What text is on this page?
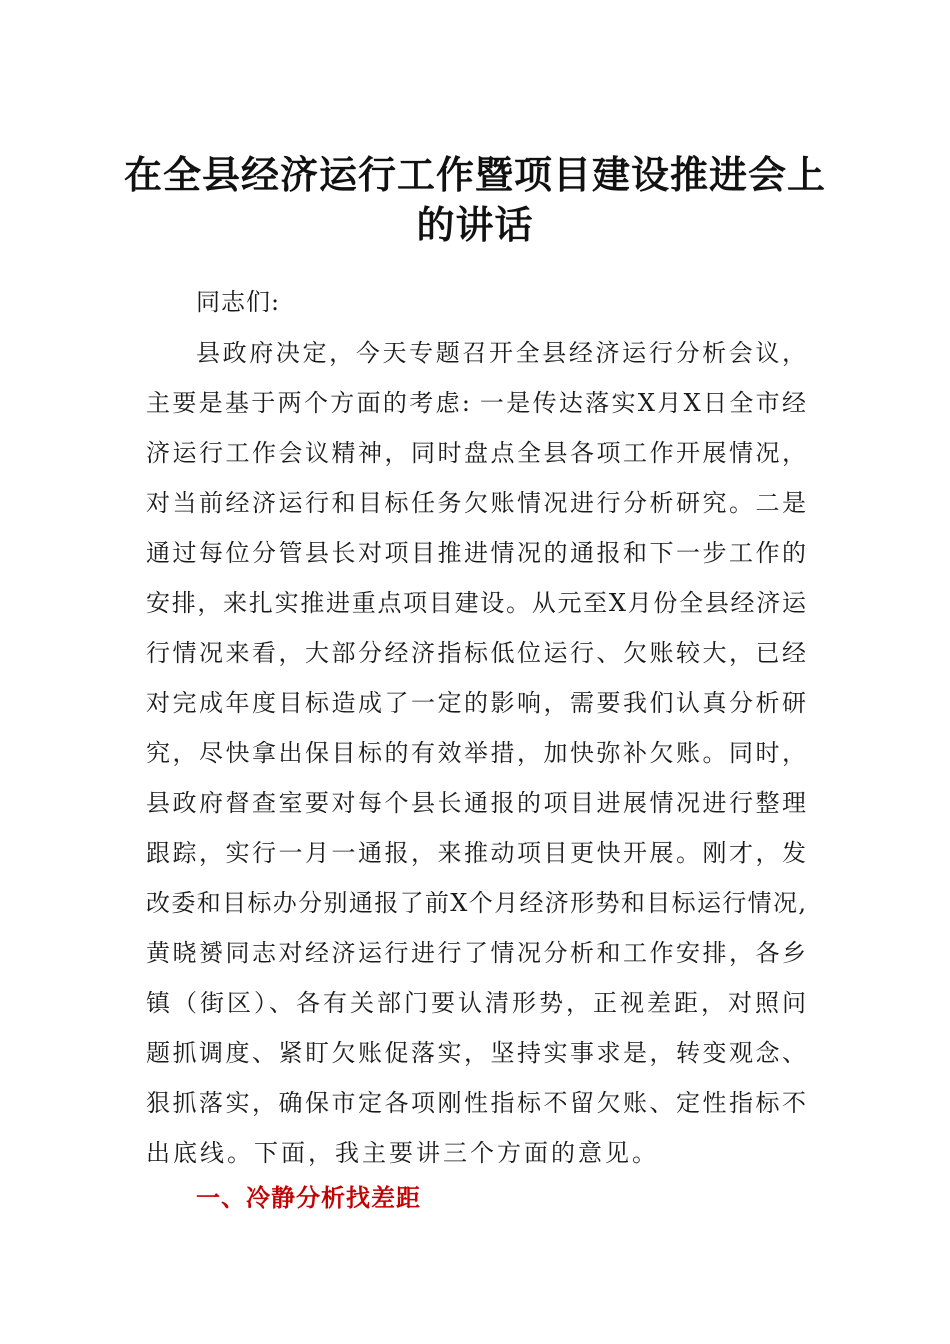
在全县经济运行工作暨项目建设推进会上
的讲话

同志们:

县政府决定，今天专题召开全县经济运行分析会议，
主要是基于两个方面的考虑: 一是传达落实X月X日全市经
济运行工作会议精神，同时盘点全县各项工作开展情况，
对当前经济运行和目标任务欠账情况进行分析研究。二是
通过每位分管县长对项目推进情况的通报和下一步工作的
安排，来扎实推进重点项目建设。从元至X月份全县经济运
行情况来看，大部分经济指标低位运行、欠账较大，已经
对完成年度目标造成了一定的影响，需要我们认真分析研
究，尽快拿出保目标的有效举措，加快弥补欠账。同时，
县政府督查室要对每个县长通报的项目进展情况进行整理
跟踪，实行一月一通报，来推动项目更快开展。刚才，发
改委和目标办分别通报了前X个月经济形势和目标运行情况,
黄晓赟同志对经济运行进行了情况分析和工作安排，各乡
镇（街区）、各有关部门要认清形势，正视差距，对照问
题抓调度、紧盯欠账促落实，坚持实事求是，转变观念、
狠抓落实，确保市定各项刚性指标不留欠账、定性指标不
出底线。下面，我主要讲三个方面的意见。
一、冷静分析找差距
